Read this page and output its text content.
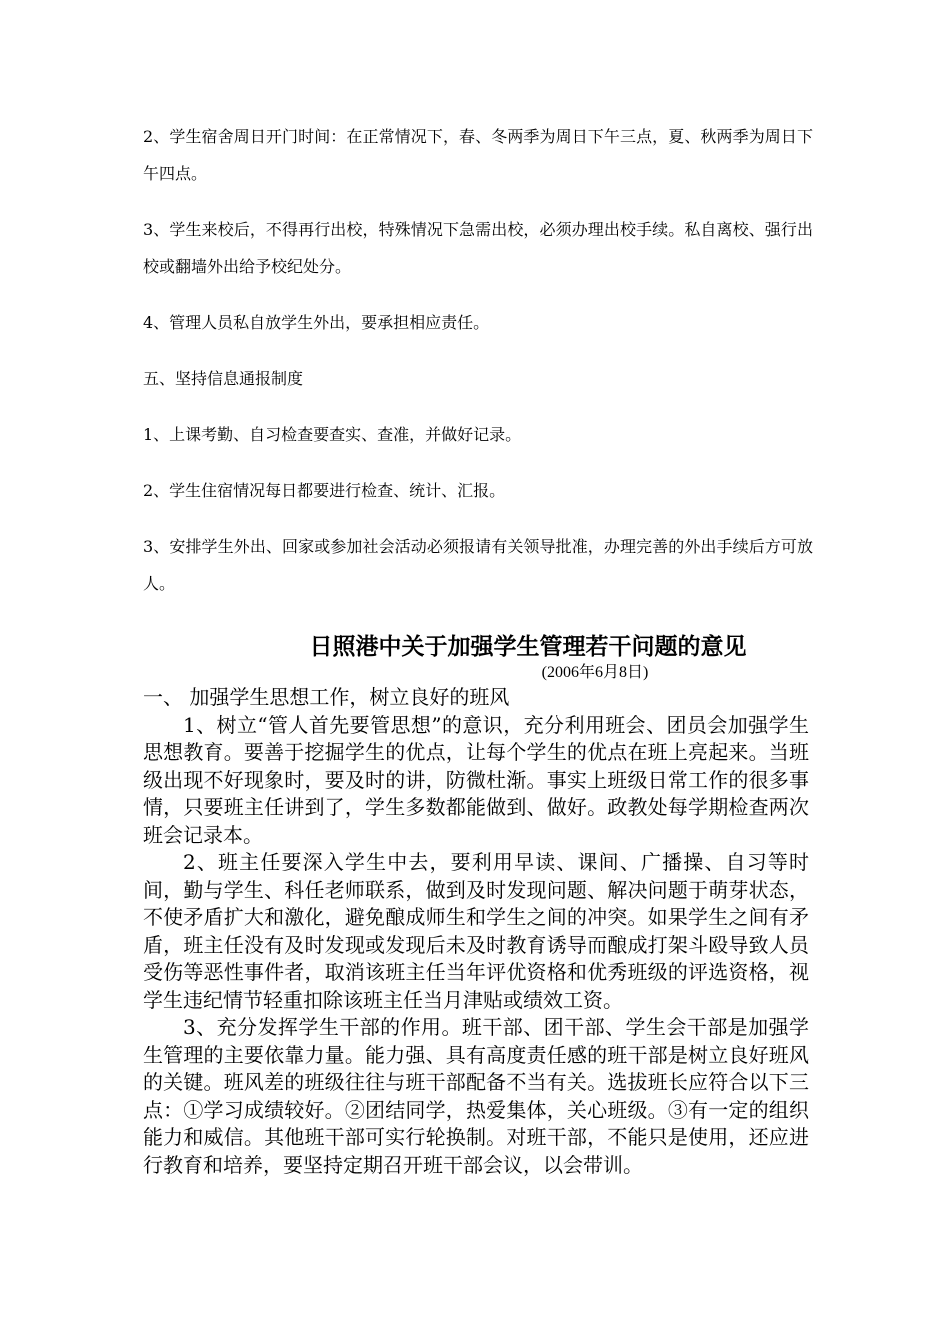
2、学生宿舍周日开门时间：在正常情况下，春、冬两季为周日下午三点，夏、秋两季为周日下午四点。

3、学生来校后，不得再行出校，特殊情况下急需出校，必须办理出校手续。私自离校、强行出校或翻墙外出给予校纪处分。

4、管理人员私自放学生外出，要承担相应责任。

五、坚持信息通报制度

1、上课考勤、自习检查要查实、查准，并做好记录。

2、学生住宿情况每日都要进行检查、统计、汇报。

3、安排学生外出、回家或参加社会活动必须报请有关领导批准，办理完善的外出手续后方可放人。

日照港中关于加强学生管理若干问题的意见
(2006年6月8日)

一、 加强学生思想工作，树立良好的班风

1、树立“管人首先要管思想”的意识，充分利用班会、团员会加强学生思想教育。要善于挖掘学生的优点，让每个学生的优点在班上亮起来。当班级出现不好现象时，要及时的讲，防微杜渐。事实上班级日常工作的很多事情，只要班主任讲到了，学生多数都能做到、做好。政教处每学期检查两次班会记录本。

2、班主任要深入学生中去，要利用早读、课间、广播操、自习等时间，勤与学生、科任老师联系，做到及时发现问题、解决问题于萌芽状态，不使矛盾扩大和激化，避免酿成师生和学生之间的冲突。如果学生之间有矛盾，班主任没有及时发现或发现后未及时教育诱导而酿成打架斗殴导致人员受伤等恶性事件者，取消该班主任当年评优资格和优秀班级的评选资格，视学生违纪情节轻重扣除该班主任当月津贴或绩效工资。

3、充分发挥学生干部的作用。班干部、团干部、学生会干部是加强学生管理的主要依靠力量。能力强、具有高度责任感的班干部是树立良好班风的关键。班风差的班级往往与班干部配备不当有关。选拔班长应符合以下三点：①学习成绩较好。②团结同学，热爱集体，关心班级。③有一定的组织能力和威信。其他班干部可实行轮换制。对班干部，不能只是使用，还应进行教育和培养，要坚持定期召开班干部会议，以会带训。
